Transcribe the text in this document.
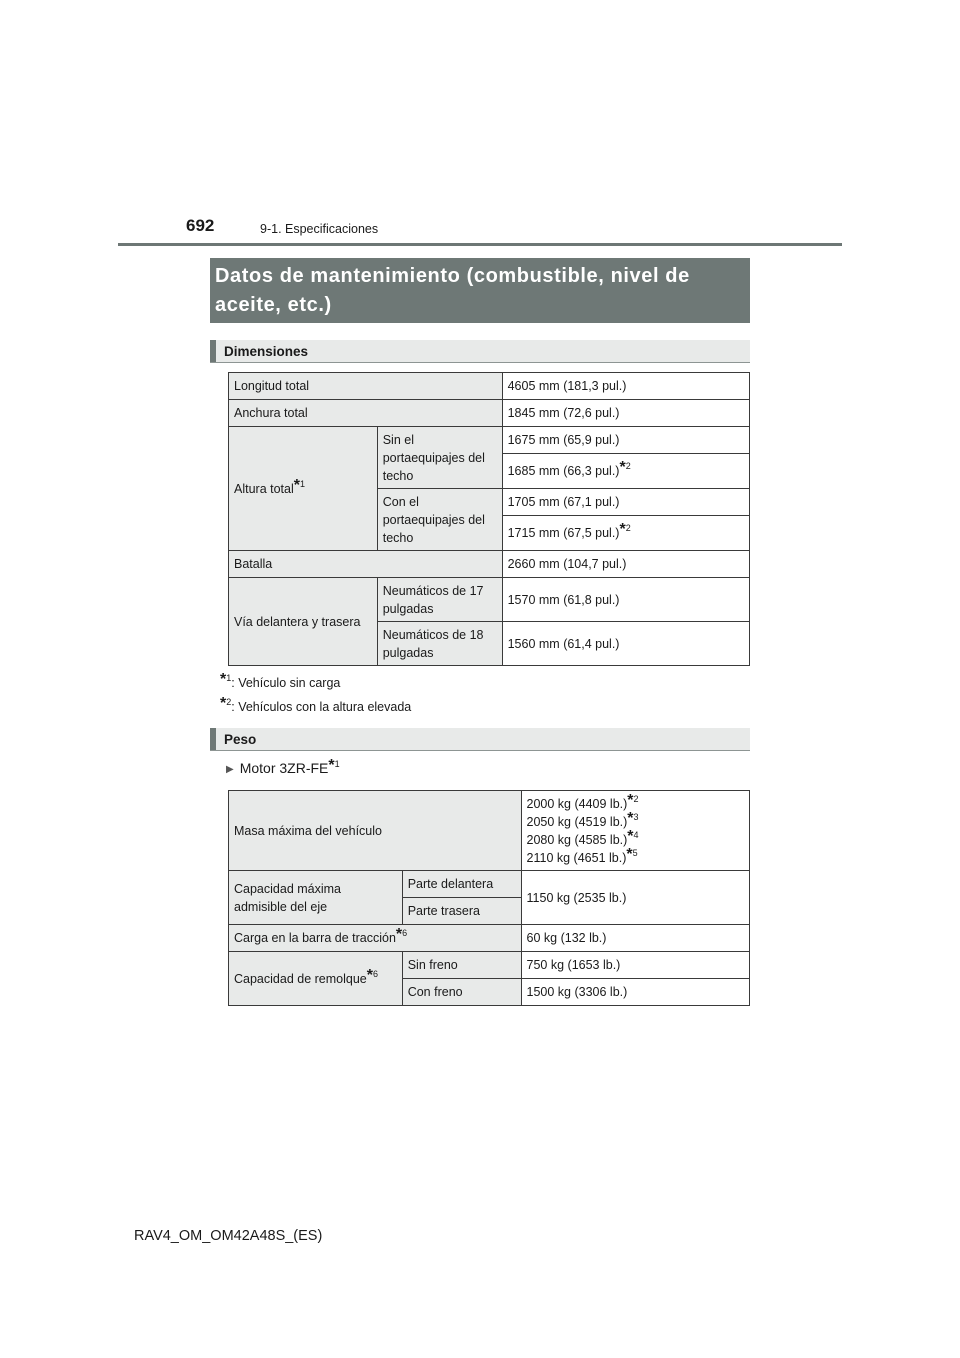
692	9-1. Especificaciones
Datos de mantenimiento (combustible, nivel de aceite, etc.)
Dimensiones
Longitud total		4605 mm (181,3 pul.)
Anchura total		1845 mm (72,6 pul.)
Altura total*$^1$	Sin el portaequipajes del techo	1675 mm (65,9 pul.)
		1685 mm (66,3 pul.)*$^2$
	Con el portaequipajes del techo	1705 mm (67,1 pul.)
		1715 mm (67,5 pul.)*$^2$
Batalla		2660 mm (104,7 pul.)
Vía delantera y trasera	Neumáticos de 17 pulgadas	1570 mm (61,8 pul.)
	Neumáticos de 18 pulgadas	1560 mm (61,4 pul.)
*$^1$: Vehículo sin carga
*$^2$: Vehículos con la altura elevada
Peso
▶ Motor 3ZR-FE*$^1$
Masa máxima del vehículo		2000 kg (4409 lb.)*$^2$
2050 kg (4519 lb.)*$^3$
2080 kg (4585 lb.)*$^4$
2110 kg (4651 lb.)*$^5$

Capacidad máxima admisible del eje	Parte delantera	1150 kg (2535 lb.)
	Parte trasera	
Carga en la barra de tracción*$^6$		60 kg (132 lb.)
Capacidad de remolque*$^6$	Sin freno	750 kg (1653 lb.)
	Con freno	1500 kg (3306 lb.)
RAV4_OM_OM42A48S_(ES)
